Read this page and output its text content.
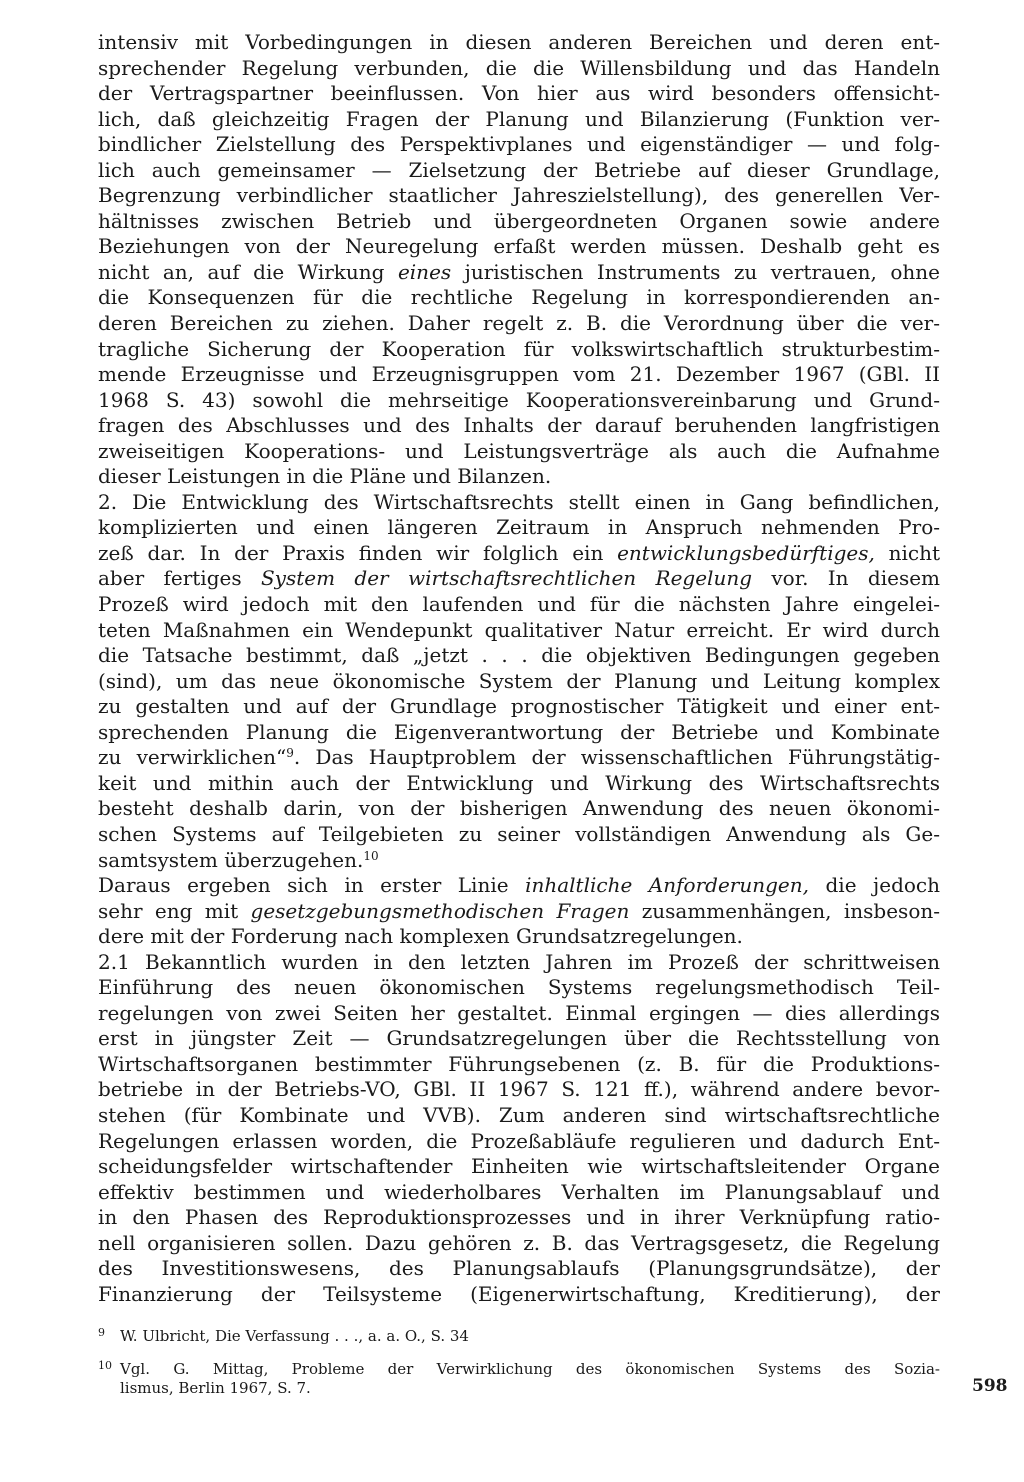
intensiv mit Vorbedingungen in diesen anderen Bereichen und deren ent-
sprechender Regelung verbunden, die die Willensbildung und das Handeln
der Vertragspartner beeinflussen. Von hier aus wird besonders offensicht-
lich, daß gleichzeitig Fragen der Planung und Bilanzierung (Funktion ver-
bindlicher Zielstellung des Perspektivplanes und eigenständiger — und folg-
lich auch gemeinsamer — Zielsetzung der Betriebe auf dieser Grundlage,
Begrenzung verbindlicher staatlicher Jahreszielstellung), des generellen Ver-
hältnisses zwischen Betrieb und übergeordneten Organen sowie andere
Beziehungen von der Neuregelung erfaßt werden müssen. Deshalb geht es
nicht an, auf die Wirkung eines juristischen Instruments zu vertrauen, ohne
die Konsequenzen für die rechtliche Regelung in korrespondierenden an-
deren Bereichen zu ziehen. Daher regelt z. B. die Verordnung über die ver-
tragliche Sicherung der Kooperation für volkswirtschaftlich strukturbestim-
mende Erzeugnisse und Erzeugnisgruppen vom 21. Dezember 1967 (GBl. II
1968 S. 43) sowohl die mehrseitige Kooperationsvereinbarung und Grund-
fragen des Abschlusses und des Inhalts der darauf beruhenden langfristigen
zweiseitigen Kooperations- und Leistungsverträge als auch die Aufnahme
dieser Leistungen in die Pläne und Bilanzen.
2. Die Entwicklung des Wirtschaftsrechts stellt einen in Gang befindlichen,
komplizierten und einen längeren Zeitraum in Anspruch nehmenden Pro-
zeß dar. In der Praxis finden wir folglich ein entwicklungsbedürftiges, nicht
aber fertiges System der wirtschaftsrechtlichen Regelung vor. In diesem
Prozeß wird jedoch mit den laufenden und für die nächsten Jahre eingelei-
teten Maßnahmen ein Wendepunkt qualitativer Natur erreicht. Er wird durch
die Tatsache bestimmt, daß „jetzt . . . die objektiven Bedingungen gegeben
(sind), um das neue ökonomische System der Planung und Leitung komplex
zu gestalten und auf der Grundlage prognostischer Tätigkeit und einer ent-
sprechenden Planung die Eigenverantwortung der Betriebe und Kombinate
zu verwirklichen“$^9$. Das Hauptproblem der wissenschaftlichen Führungstätig-
keit und mithin auch der Entwicklung und Wirkung des Wirtschaftsrechts
besteht deshalb darin, von der bisherigen Anwendung des neuen ökonomi-
schen Systems auf Teilgebieten zu seiner vollständigen Anwendung als Ge-
samtsystem überzugehen.$^{10}$
Daraus ergeben sich in erster Linie inhaltliche Anforderungen, die jedoch
sehr eng mit gesetzgebungsmethodischen Fragen zusammenhängen, insbeson-
dere mit der Forderung nach komplexen Grundsatzregelungen.
2.1 Bekanntlich wurden in den letzten Jahren im Prozeß der schrittweisen
Einführung des neuen ökonomischen Systems regelungsmethodisch Teil-
regelungen von zwei Seiten her gestaltet. Einmal ergingen — dies allerdings
erst in jüngster Zeit — Grundsatzregelungen über die Rechtsstellung von
Wirtschaftsorganen bestimmter Führungsebenen (z. B. für die Produktions-
betriebe in der Betriebs-VO, GBl. II 1967 S. 121 ff.), während andere bevor-
stehen (für Kombinate und VVB). Zum anderen sind wirtschaftsrechtliche
Regelungen erlassen worden, die Prozeßabläufe regulieren und dadurch Ent-
scheidungsfelder wirtschaftender Einheiten wie wirtschaftsleitender Organe
effektiv bestimmen und wiederholbares Verhalten im Planungsablauf und
in den Phasen des Reproduktionsprozesses und in ihrer Verknüpfung ratio-
nell organisieren sollen. Dazu gehören z. B. das Vertragsgesetz, die Regelung
des Investitionswesens, des Planungsablaufs (Planungsgrundsätze), der
Finanzierung der Teilsysteme (Eigenerwirtschaftung, Kreditierung), der
9 W. Ulbricht, Die Verfassung . . ., a. a. O., S. 34
10 Vgl. G. Mittag, Probleme der Verwirklichung des ökonomischen Systems des Sozia-
lismus, Berlin 1967, S. 7.	598
